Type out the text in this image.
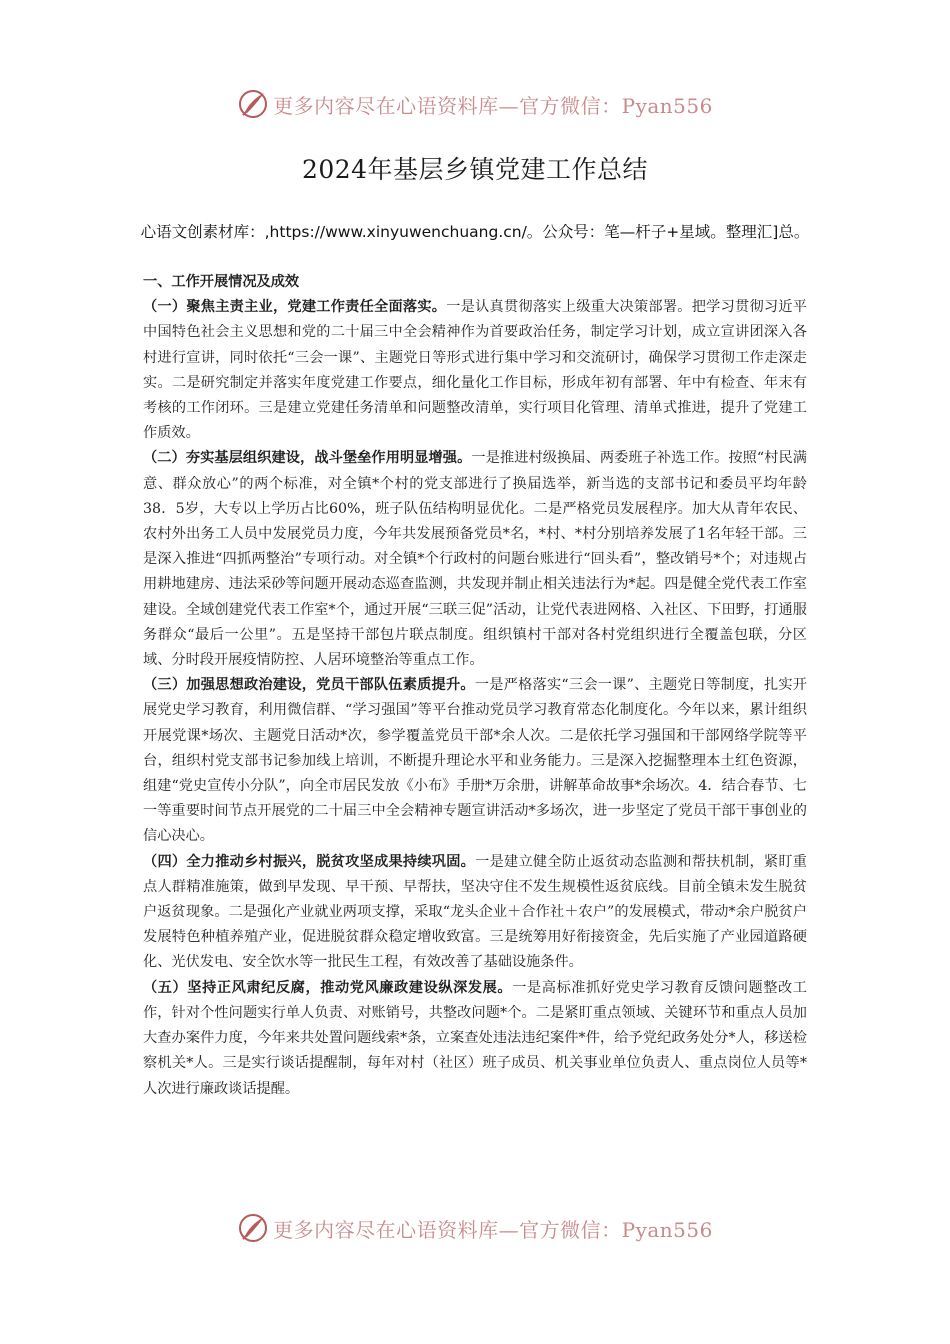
更多内容尽在心语资料库—官方微信：Pyan556
2024年基层乡镇党建工作总结
心语文创素材库：,https://www.xinyuwenchuang.cn/。公众号：笔—杆子+星域。整理汇]总。

一、工作开展情况及成效

（一）聚焦主责主业，党建工作责任全面落实。一是认真贯彻落实上级重大决策部署。把学习贯彻习近平中国特色社会主义思想和党的二十届三中全会精神作为首要政治任务，制定学习计划，成立宣讲团深入各村进行宣讲，同时依托“三会一课”、主题党日等形式进行集中学习和交流研讨，确保学习贯彻工作走深走实。二是研究制定并落实年度党建工作要点，细化量化工作目标，形成年初有部署、年中有检查、年末有考核的工作闭环。三是建立党建任务清单和问题整改清单，实行项目化管理、清单式推进，提升了党建工作质效。

（二）夯实基层组织建设，战斗堡垒作用明显增强。一是推进村级换届、两委班子补选工作。按照“村民满意、群众放心”的两个标准，对全镇*个村的党支部进行了换届选举，新当选的支部书记和委员平均年龄38．5岁，大专以上学历占比60%，班子队伍结构明显优化。二是严格党员发展程序。加大从青年农民、农村外出务工人员中发展党员力度，今年共发展预备党员*名，*村、*村分别培养发展了1名年轻干部。三是深入推进“四抓两整治”专项行动。对全镇*个行政村的问题台账进行“回头看”，整改销号*个；对违规占用耕地建房、违法采砂等问题开展动态巡查监测，共发现并制止相关违法行为*起。四是健全党代表工作室建设。全域创建党代表工作室*个，通过开展“三联三促”活动，让党代表进网格、入社区、下田野，打通服务群众“最后一公里”。五是坚持干部包片联点制度。组织镇村干部对各村党组织进行全覆盖包联，分区域、分时段开展疫情防控、人居环境整治等重点工作。

（三）加强思想政治建设，党员干部队伍素质提升。一是严格落实“三会一课”、主题党日等制度，扎实开展党史学习教育，利用微信群、“学习强国”等平台推动党员学习教育常态化制度化。今年以来，累计组织开展党课*场次、主题党日活动*次，参学覆盖党员干部*余人次。二是依托学习强国和干部网络学院等平台，组织村党支部书记参加线上培训，不断提升理论水平和业务能力。三是深入挖掘整理本土红色资源，组建“党史宣传小分队”，向全市居民发放《小布》手册*万余册，讲解革命故事*余场次。4．结合春节、七一等重要时间节点开展党的二十届三中全会精神专题宣讲活动*多场次，进一步坚定了党员干部干事创业的信心决心。

（四）全力推动乡村振兴，脱贫攻坚成果持续巩固。一是建立健全防止返贫动态监测和帮扶机制，紧盯重点人群精准施策，做到早发现、早干预、早帮扶，坚决守住不发生规模性返贫底线。目前全镇未发生脱贫户返贫现象。二是强化产业就业两项支撑，采取“龙头企业＋合作社＋农户”的发展模式，带动*余户脱贫户发展特色种植养殖产业，促进脱贫群众稳定增收致富。三是统筹用好衔接资金，先后实施了产业园道路硬化、光伏发电、安全饮水等一批民生工程，有效改善了基础设施条件。

（五）坚持正风肃纪反腐，推动党风廉政建设纵深发展。一是高标准抓好党史学习教育反馈问题整改工作，针对个性问题实行单人负责、对账销号，共整改问题*个。二是紧盯重点领域、关键环节和重点人员加大查办案件力度，今年来共处置问题线索*条，立案查处违法违纪案件*件，给予党纪政务处分*人，移送检察机关*人。三是实行谈话提醒制，每年对村（社区）班子成员、机关事业单位负责人、重点岗位人员等*人次进行廉政谈话提醒。

更多内容尽在心语资料库—官方微信：Pyan556
